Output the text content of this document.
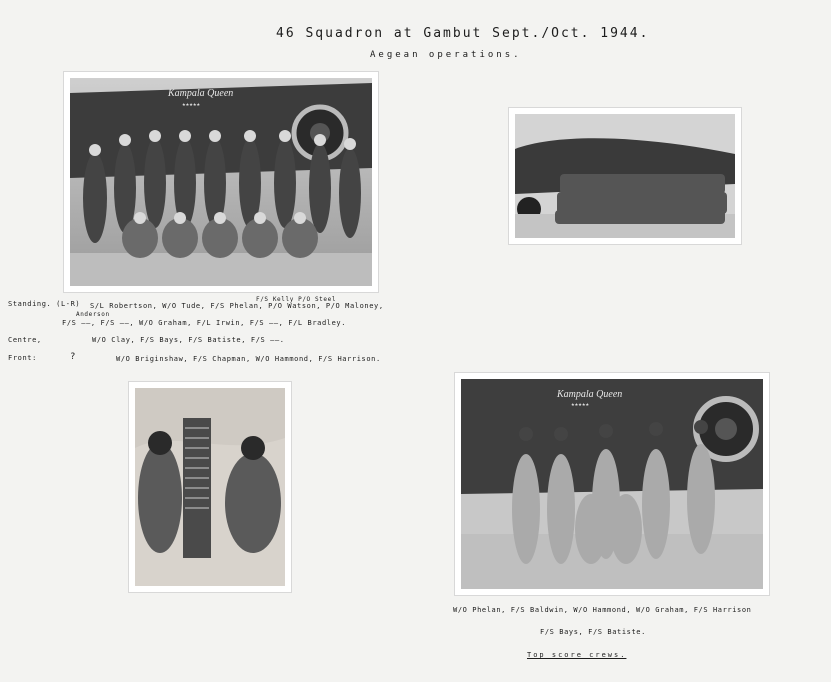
46 Squadron at Gambut Sept./Oct. 1944.
Aegean operations.
Kampala Queen
★★★★★
Kampala Queen
★★★★★
Standing. (L-R)
F/S Kelly P/O Steel
S/L Robertson, W/O Tude, F/S Phelan, P/O Watson, P/O Maloney,
Anderson
F/S ——, F/S ——, W/O Graham, F/L Irwin, F/S ——, F/L Bradley.
Centre,	W/O Clay, F/S Bays, F/S Batiste, F/S ——.
Front:	?	W/O Briginshaw, F/S Chapman, W/O Hammond, F/S Harrison.
W/O Phelan, F/S Baldwin, W/O Hammond, W/O Graham, F/S Harrison
F/S Bays, F/S Batiste.
Top score crews.
